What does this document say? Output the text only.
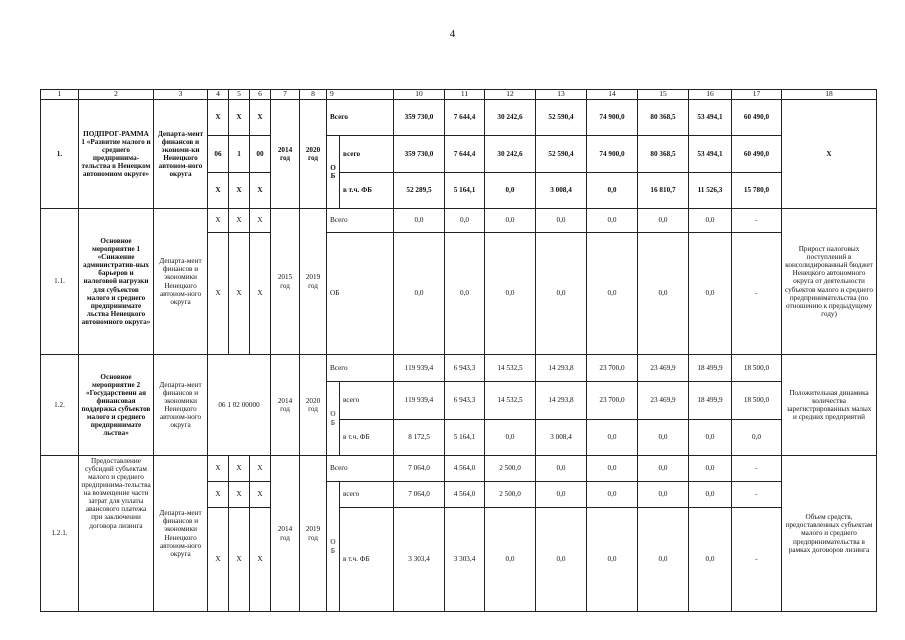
4
1	2	3	4	5	6	7	8	9		10	11	12	13	14	15	16	17	18
1.	ПОДПРОГ-РАММА 1 «Развитие малого и среднего предпринима-тельства в Ненецком автономном округе»	Департа-мент финансов и экономи-ки Ненецкого автоном-ного округа	X	X	X	2014 год	2020 год	Всего		359 730,0	7 644,4	30 242,6	52 590,4	74 900,0	80 368,5	53 494,1	60 490,0	X
			06	1	00			О Б	всего	359 730,0	7 644,4	30 242,6	52 590,4	74 900,0	80 368,5	53 494,1	60 490,0	
			X	X	X				в т.ч. ФБ	52 289,5	5 164,1	0,0	3 008,4	0,0	16 810,7	11 526,3	15 780,0	
1.1.	Основное мероприятие 1 «Снижение административ-ных барьеров и налоговой нагрузки для субъектов малого и среднего предпринимате льства Ненецкого автономного округа»	Департа-мент финансов и экономики Ненецкого автоном-ного округа	X	X	X	2015 год	2019 год	Всего		0,0	0,0	0,0	0,0	0,0	0,0	0,0	-	Прирост налоговых поступлений в консолидированный бюджет Ненецкого автономного округа от деятельности субъектов малого и среднего предпринимательства (по отношению к предыдущему году)
			X	X	X			ОБ		0,0	0,0	0,0	0,0	0,0	0,0	0,0	-	
1.2.	Основное мероприятие 2 «Государственн ая финансовая поддержка субъектов малого и среднего предпринимате льства»	Департа-мент финансов и экономики Ненецкого автоном-ного округа	06 1 02 00000			2014 год	2020 год	Всего		119 939,4	6 943,3	14 532,5	14 293,8	23 700,0	23 469,9	18 499,9	18 500,0	Положительная динамика количества зарегистрированных малых и средних предприятий
								О Б	всего	119 939,4	6 943,3	14 532,5	14 293,8	23 700,0	23 469,9	18 499,9	18 500,0	
									в т.ч. ФБ	8 172,5	5 164,1	0,0	3 008,4	0,0	0,0	0,0	0,0	
1.2.1.	Предоставление субсидий субъектам малого и среднего предпринима-тельства на возмещение части затрат для уплаты авансового платежа при заключении договора лизинга	Департа-мент финансов и экономики Ненецкого автоном-ного округа	X	X	X	2014 год	2019 год	Всего		7 064,0	4 564,0	2 500,0	0,0	0,0	0,0	0,0	-	Объем средств, предоставленных субъектам малого и среднего предпринимательства в рамках договоров лизинга
			X	X	X			О Б	всего	7 064,0	4 564,0	2 500,0	0,0	0,0	0,0	0,0	-	
			X	X	X				в т.ч. ФБ	3 303,4	3 303,4	0,0	0,0	0,0	0,0	0,0	-	
